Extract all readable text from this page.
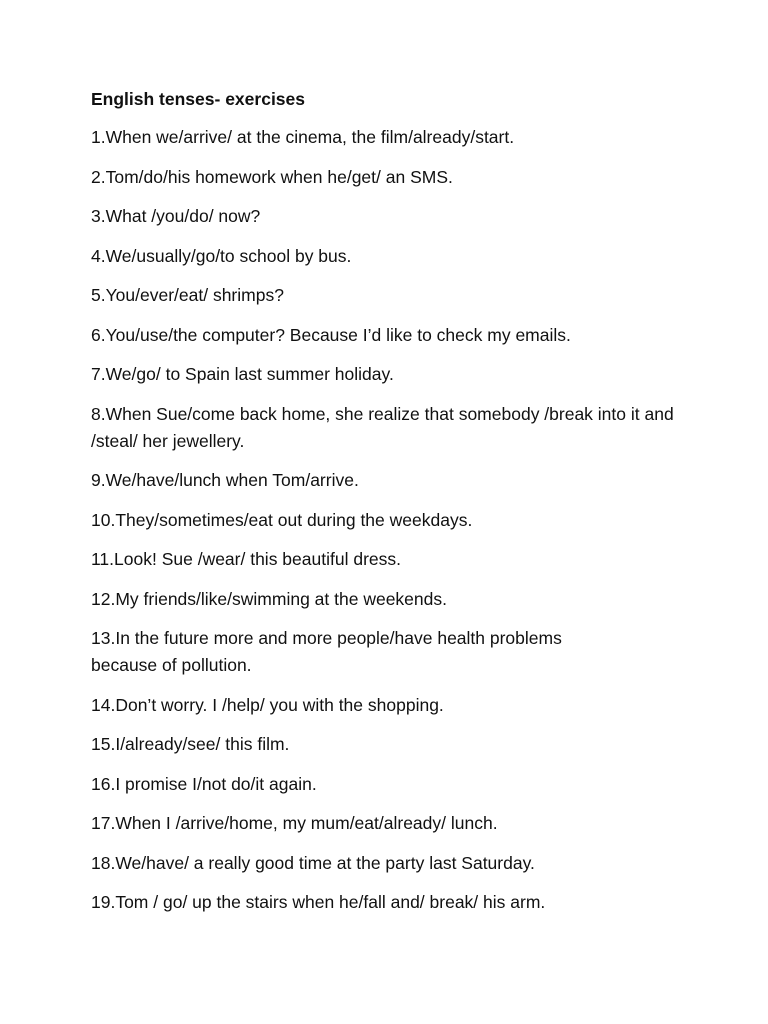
English tenses- exercises
1.When we/arrive/ at the cinema, the film/already/start.
2.Tom/do/his homework when he/get/ an SMS.
3.What /you/do/ now?
4.We/usually/go/to school by bus.
5.You/ever/eat/ shrimps?
6.You/use/the computer? Because I’d like to check my emails.
7.We/go/ to Spain last summer holiday.
8.When Sue/come back home, she realize that somebody /break into it and /steal/ her jewellery.
9.We/have/lunch when Tom/arrive.
10.They/sometimes/eat out during the weekdays.
11.Look! Sue /wear/ this beautiful dress.
12.My friends/like/swimming at the weekends.
13.In the future more and more people/have health problems because of pollution.
14.Don’t worry. I /help/ you with the shopping.
15.I/already/see/ this film.
16.I promise I/not do/it again.
17.When I /arrive/home, my mum/eat/already/ lunch.
18.We/have/ a really good time at the party last Saturday.
19.Tom / go/ up the stairs when he/fall and/ break/ his arm.
